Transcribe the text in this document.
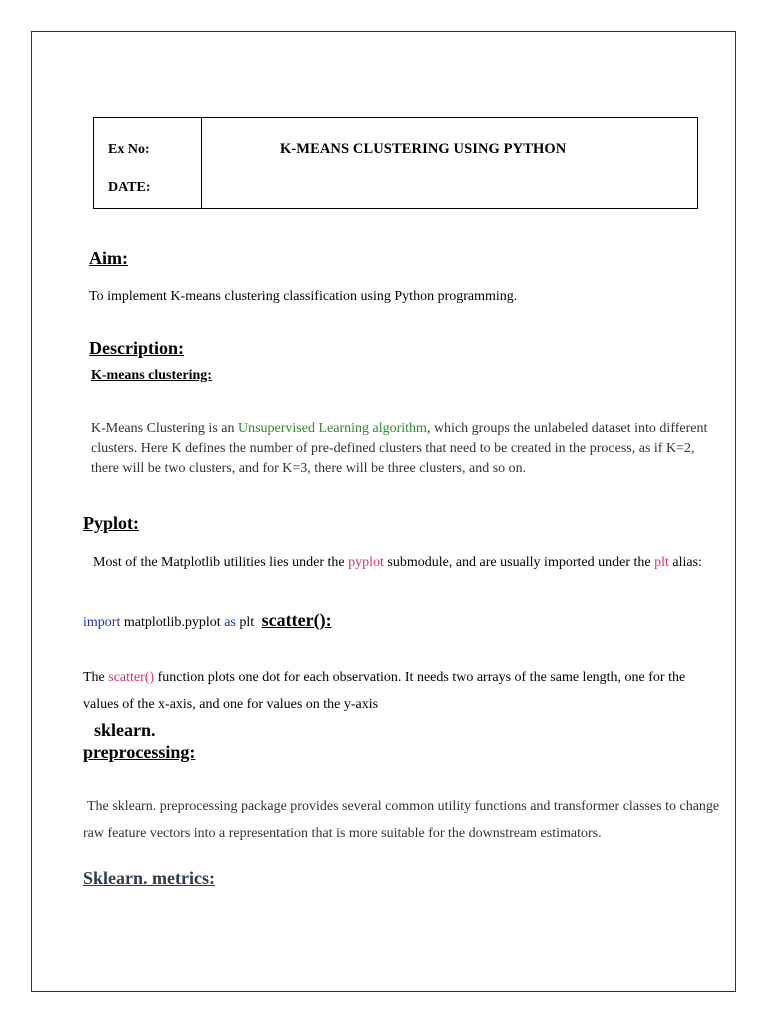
Ex No:
DATE:
K-MEANS CLUSTERING USING PYTHON
Aim:
To implement K-means clustering classification using Python programming.
Description:
K-means clustering:
K-Means Clustering is an Unsupervised Learning algorithm, which groups the unlabeled dataset into different clusters. Here K defines the number of pre-defined clusters that need to be created in the process, as if K=2, there will be two clusters, and for K=3, there will be three clusters, and so on.
Pyplot:
Most of the Matplotlib utilities lies under the pyplot submodule, and are usually imported under the plt alias:
import matplotlib.pyplot as plt scatter():
The scatter() function plots one dot for each observation. It needs two arrays of the same length, one for the values of the x-axis, and one for values on the y-axis
sklearn.
preprocessing:
The sklearn. preprocessing package provides several common utility functions and transformer classes to change raw feature vectors into a representation that is more suitable for the downstream estimators.
Sklearn. metrics:
